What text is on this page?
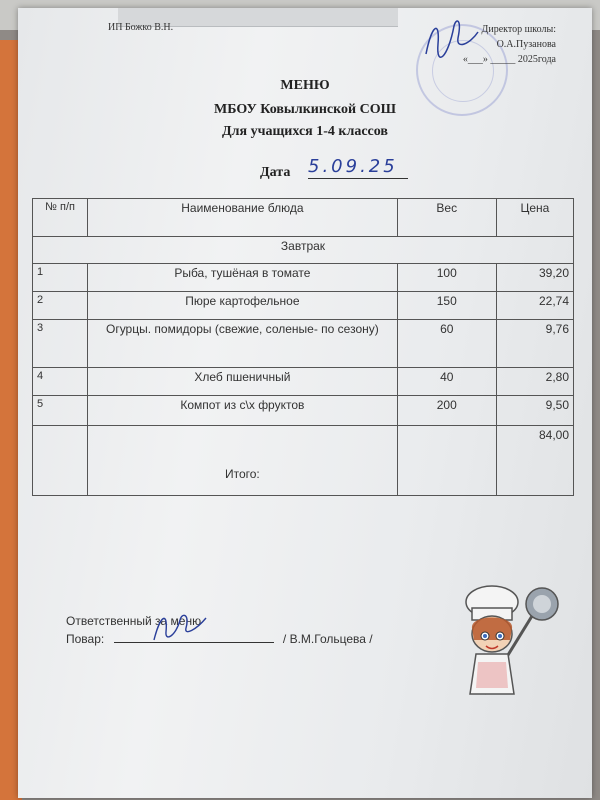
ИП Божко В.Н.	Директор школы:
О.А.Пузанова
«___» _____ 2025года
МЕНЮ
МБОУ Ковылкинской СОШ
Для учащихся 1-4 классов
Дата 5.09.25
№ п/п	Наименование блюда	Вес	Цена
Завтрак			
1	Рыба, тушёная в томате	100	39,20
2	Пюре картофельное	150	22,74
3	Огурцы. помидоры (свежие, соленые- по сезону)	60	9,76
4	Хлеб пшеничный	40	2,80
5	Компот из с\х фруктов	200	9,50
	Итого:		84,00
Ответственный за меню
Повар:	/ В.М.Гольцева /
